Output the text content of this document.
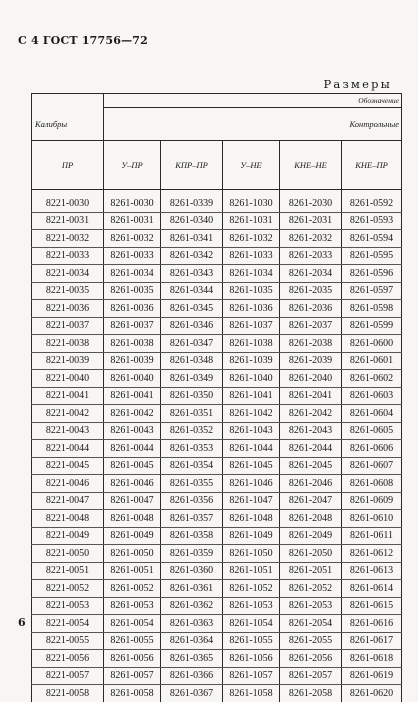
С 4 ГОСТ 17756—72
Размеры
	Обозначение				
Калибры	Контрольные				
ПР	У–ПР	КПР–ПР	У–НЕ	КНЕ–НЕ	КНЕ–ПР

8221-0030	8261-0030	8261-0339	8261-1030	8261-2030	8261-0592
8221-0031	8261-0031	8261-0340	8261-1031	8261-2031	8261-0593
8221-0032	8261-0032	8261-0341	8261-1032	8261-2032	8261-0594
8221-0033	8261-0033	8261-0342	8261-1033	8261-2033	8261-0595
8221-0034	8261-0034	8261-0343	8261-1034	8261-2034	8261-0596
8221-0035	8261-0035	8261-0344	8261-1035	8261-2035	8261-0597
8221-0036	8261-0036	8261-0345	8261-1036	8261-2036	8261-0598
8221-0037	8261-0037	8261-0346	8261-1037	8261-2037	8261-0599
8221-0038	8261-0038	8261-0347	8261-1038	8261-2038	8261-0600
8221-0039	8261-0039	8261-0348	8261-1039	8261-2039	8261-0601
8221-0040	8261-0040	8261-0349	8261-1040	8261-2040	8261-0602
8221-0041	8261-0041	8261-0350	8261-1041	8261-2041	8261-0603
8221-0042	8261-0042	8261-0351	8261-1042	8261-2042	8261-0604
8221-0043	8261-0043	8261-0352	8261-1043	8261-2043	8261-0605
8221-0044	8261-0044	8261-0353	8261-1044	8261-2044	8261-0606
8221-0045	8261-0045	8261-0354	8261-1045	8261-2045	8261-0607
8221-0046	8261-0046	8261-0355	8261-1046	8261-2046	8261-0608
8221-0047	8261-0047	8261-0356	8261-1047	8261-2047	8261-0609
8221-0048	8261-0048	8261-0357	8261-1048	8261-2048	8261-0610
8221-0049	8261-0049	8261-0358	8261-1049	8261-2049	8261-0611
8221-0050	8261-0050	8261-0359	8261-1050	8261-2050	8261-0612
8221-0051	8261-0051	8261-0360	8261-1051	8261-2051	8261-0613
8221-0052	8261-0052	8261-0361	8261-1052	8261-2052	8261-0614
8221-0053	8261-0053	8261-0362	8261-1053	8261-2053	8261-0615
8221-0054	8261-0054	8261-0363	8261-1054	8261-2054	8261-0616
8221-0055	8261-0055	8261-0364	8261-1055	8261-2055	8261-0617
8221-0056	8261-0056	8261-0365	8261-1056	8261-2056	8261-0618
8221-0057	8261-0057	8261-0366	8261-1057	8261-2057	8261-0619
8221-0058	8261-0058	8261-0367	8261-1058	8261-2058	8261-0620
6
